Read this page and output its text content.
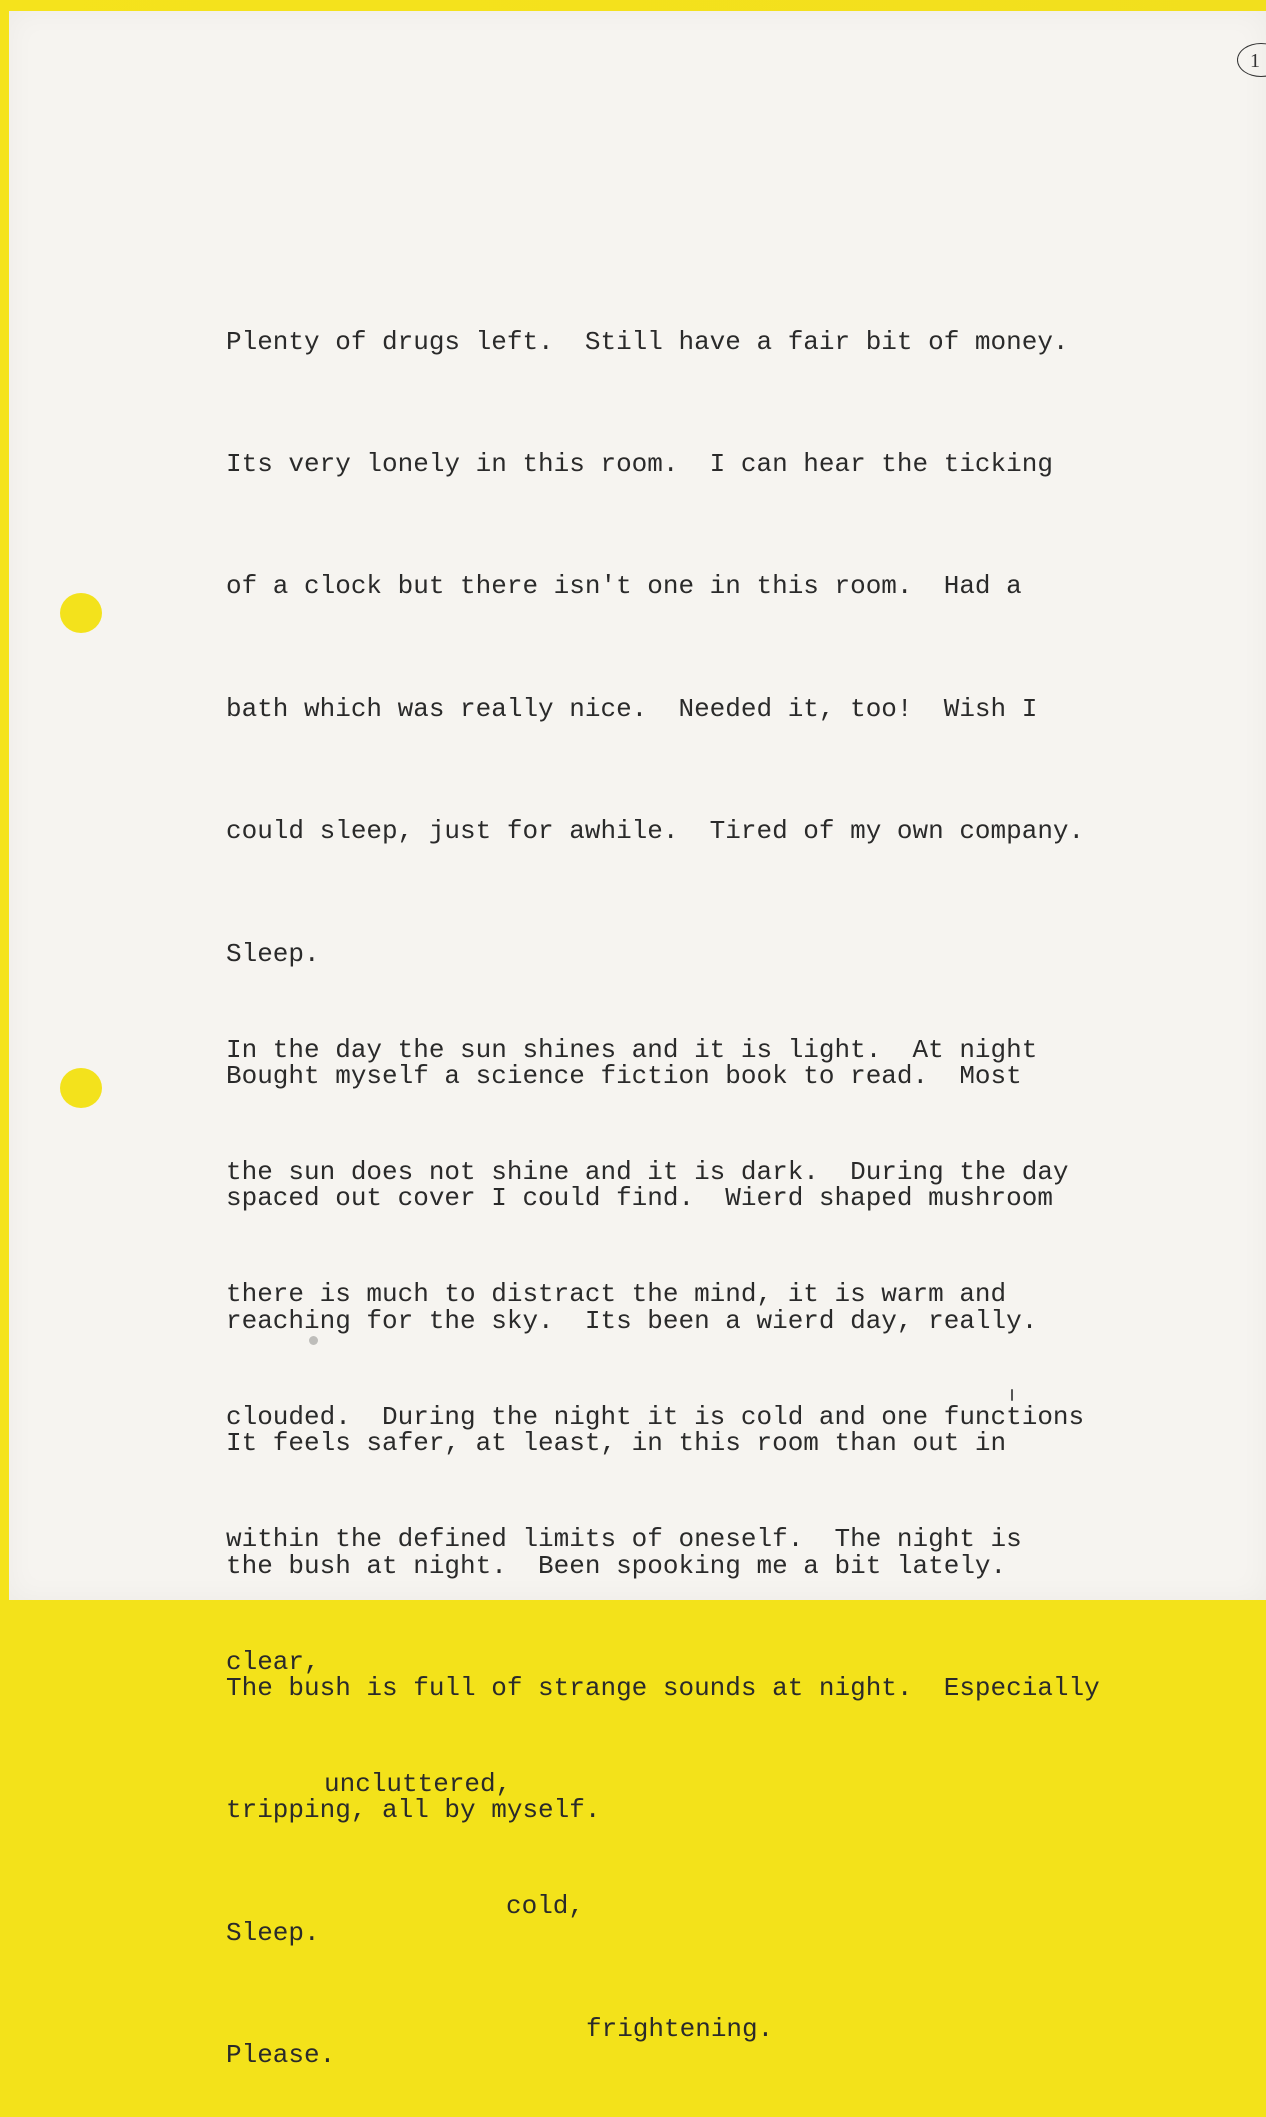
1

Plenty of drugs left.  Still have a fair bit of money.

Its very lonely in this room.  I can hear the ticking

of a clock but there isn't one in this room.  Had a

bath which was really nice.  Needed it, too!  Wish I

could sleep, just for awhile.  Tired of my own company.

Sleep.

Bought myself a science fiction book to read.  Most

spaced out cover I could find.  Wierd shaped mushroom

reaching for the sky.  Its been a wierd day, really.

It feels safer, at least, in this room than out in

the bush at night.  Been spooking me a bit lately.

The bush is full of strange sounds at night.  Especially

tripping, all by myself.

Sleep.

Please.

In the day the sun shines and it is light.  At night

the sun does not shine and it is dark.  During the day

there is much to distract the mind, it is warm and

clouded.  During the night it is cold and one functions

within the defined limits of oneself.  The night is

clear,

uncluttered,

cold,

frightening.
